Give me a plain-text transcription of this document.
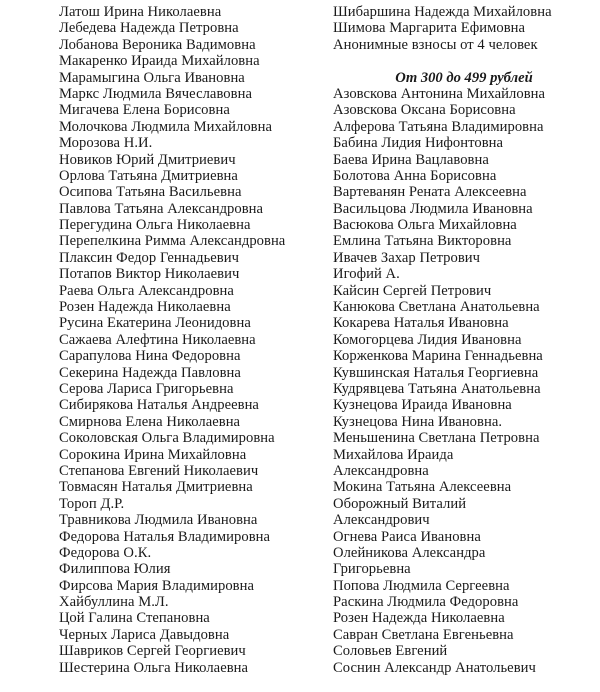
Латош Ирина Николаевна
Лебедева Надежда Петровна
Лобанова Вероника Вадимовна
Макаренко Ираида Михайловна
Марамыгина Ольга Ивановна
Маркс Людмила Вячеславовна
Мигачева Елена Борисовна
Молочкова Людмила Михайловна
Морозова Н.И.
Новиков Юрий Дмитриевич
Орлова Татьяна Дмитриевна
Осипова Татьяна Васильевна
Павлова Татьяна Александровна
Перегудина Ольга Николаевна
Перепелкина Римма Александровна
Плаксин Федор Геннадьевич
Потапов Виктор Николаевич
Раева Ольга Александровна
Розен Надежда Николаевна
Русина Екатерина Леонидовна
Сажаева Алефтина Николаевна
Сарапулова Нина Федоровна
Секерина Надежда Павловна
Серова Лариса Григорьевна
Сибирякова Наталья Андреевна
Смирнова Елена Николаевна
Соколовская Ольга Владимировна
Сорокина Ирина Михайловна
Степанова Евгений Николаевич
Товмасян Наталья Дмитриевна
Тороп Д.Р.
Травникова Людмила Ивановна
Федорова Наталья Владимировна
Федорова О.К.
Филиппова Юлия
Фирсова Мария Владимировна
Хайбуллина М.Л.
Цой Галина Степановна
Черных Лариса Давыдовна
Шавриков Сергей Георгиевич
Шестерина Ольга Николаевна
Шибаршина Надежда Михайловна
Шимова Маргарита Ефимовна
Анонимные взносы от 4 человек
От 300 до 499 рублей
Азовскова Антонина Михайловна
Азовскова Оксана Борисовна
Алферова Татьяна Владимировна
Бабина Лидия Нифонтовна
Баева Ирина Вацлавовна
Болотова Анна Борисовна
Вартеванян Рената Алексеевна
Васильцова Людмила Ивановна
Васюкова Ольга Михайловна
Емлина Татьяна Викторовна
Ивачев Захар Петрович
Игофий А.
Кайсин Сергей Петрович
Канюкова Светлана Анатольевна
Кокарева Наталья Ивановна
Комогорцева Лидия Ивановна
Корженкова Марина Геннадьевна
Кувшинская Наталья Георгиевна
Кудрявцева Татьяна Анатольевна
Кузнецова Ираида Ивановна
Кузнецова Нина Ивановна.
Меньшенина Светлана Петровна
Михайлова Ираида
Александровна
Мокина Татьяна Алексеевна
Оборожный Виталий
Александрович
Огнева Раиса Ивановна
Олейникова Александра
Григорьевна
Попова Людмила Сергеевна
Раскина Людмила Федоровна
Розен Надежда Николаевна
Савран Светлана Евгеньевна
Соловьев Евгений
Соснин Александр Анатольевич
